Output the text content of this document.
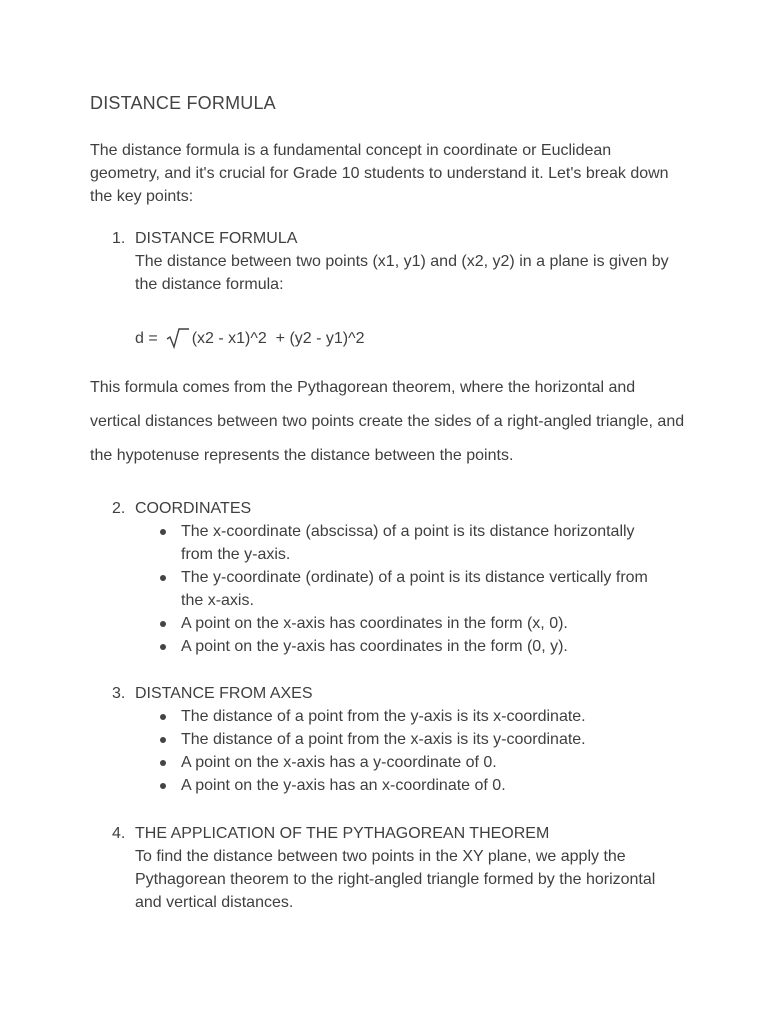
DISTANCE FORMULA
The distance formula is a fundamental concept in coordinate or Euclidean geometry, and it's crucial for Grade 10 students to understand it. Let's break down the key points:
1. DISTANCE FORMULA
The distance between two points (x1, y1) and (x2, y2) in a plane is given by the distance formula:
d = (x2 - x1)^2  + (y2 - y1)^2
This formula comes from the Pythagorean theorem, where the horizontal and vertical distances between two points create the sides of a right-angled triangle, and the hypotenuse represents the distance between the points.
2. COORDINATES
The x-coordinate (abscissa) of a point is its distance horizontally from the y-axis.
The y-coordinate (ordinate) of a point is its distance vertically from the x-axis.
A point on the x-axis has coordinates in the form (x, 0).
A point on the y-axis has coordinates in the form (0, y).
3. DISTANCE FROM AXES
The distance of a point from the y-axis is its x-coordinate.
The distance of a point from the x-axis is its y-coordinate.
A point on the x-axis has a y-coordinate of 0.
A point on the y-axis has an x-coordinate of 0.
4. THE APPLICATION OF THE PYTHAGOREAN THEOREM
To find the distance between two points in the XY plane, we apply the Pythagorean theorem to the right-angled triangle formed by the horizontal and vertical distances.
